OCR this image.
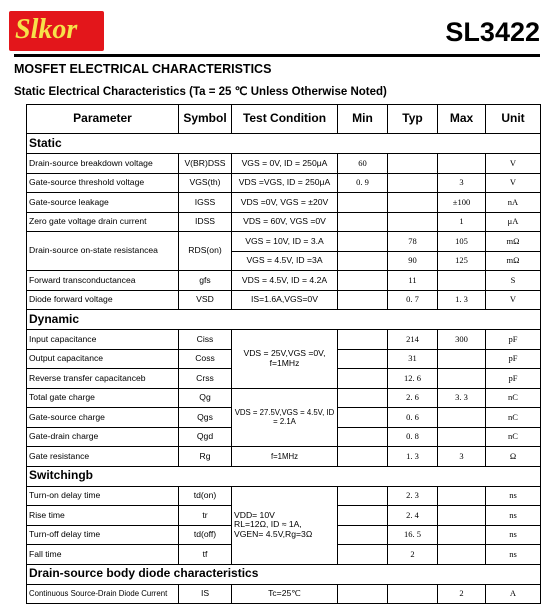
Slkor	SL3422
MOSFET ELECTRICAL CHARACTERISTICS
Static Electrical Characteristics (Ta = 25 ℃ Unless Otherwise Noted)
Parameter	Symbol	Test Condition	Min	Typ	Max	Unit
Static						
Drain-source breakdown voltage	V(BR)DSS	VGS = 0V, ID = 250μA	60			V
Gate-source threshold voltage	VGS(th)	VDS =VGS, ID = 250μA	0. 9		3	V
Gate-source leakage	IGSS	VDS =0V, VGS = ±20V			±100	nA
Zero gate voltage drain current	IDSS	VDS = 60V, VGS =0V			1	μA
Drain-source on-state resistancea	RDS(on)	VGS = 10V, ID = 3.A		78	105	mΩ
		VGS = 4.5V, ID =3A		90	125	mΩ
Forward transconductancea	gfs	VDS = 4.5V, ID = 4.2A		11		S
Diode forward voltage	VSD	IS=1.6A,VGS=0V		0. 7	1. 3	V
Dynamic						
Input capacitance	Ciss	VDS = 25V,VGS =0V, f=1MHz		214	300	pF
Output capacitance	Coss			31		pF
Reverse transfer capacitanceb	Crss			12. 6		pF
Total gate charge	Qg	VDS = 27.5V,VGS = 4.5V, ID = 2.1A		2. 6	3. 3	nC
Gate-source charge	Qgs			0. 6		nC
Gate-drain charge	Qgd			0. 8		nC
Gate resistance	Rg	f=1MHz		1. 3	3	Ω
Switchingb						
Turn-on delay time	td(on)	VDD= 10V
RL=12Ω, ID ≈ 1A,
VGEN= 4.5V,Rg=3Ω		2. 3		ns
Rise time	tr			2. 4		ns
Turn-off delay time	td(off)			16. 5		ns
Fall time	tf			2		ns
Drain-source body diode characteristics						
Continuous Source-Drain Diode Current	IS	Tc=25℃			2	A
